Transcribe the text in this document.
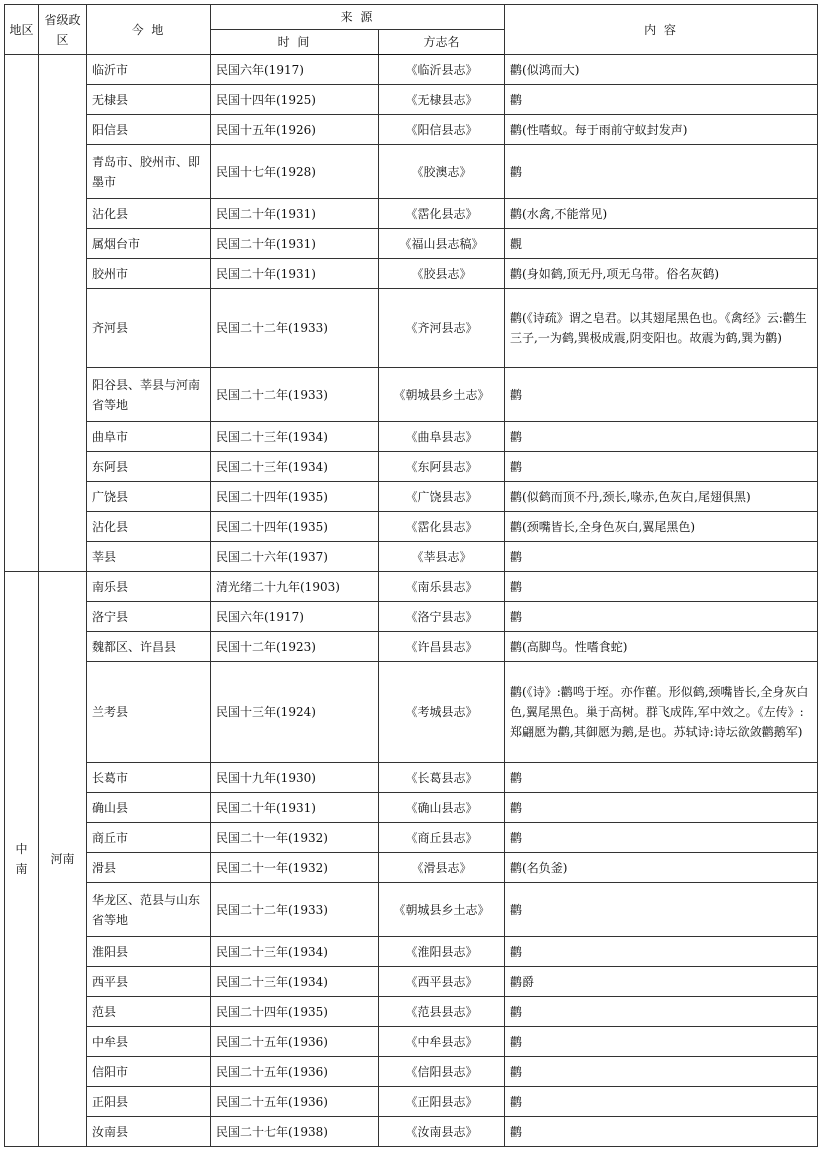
地区	省级政区	今 地	来 源		内 容
			时 间	方志名	
		临沂市	民国六年(1917)	《临沂县志》	鹳(似鸿而大)
		无棣县	民国十四年(1925)	《无棣县志》	鹳
		阳信县	民国十五年(1926)	《阳信县志》	鹳(性嗜蚁。每于雨前守蚁封发声)
		青岛市、胶州市、即墨市	民国十七年(1928)	《胶澳志》	鹳
		沾化县	民国二十年(1931)	《霑化县志》	鹳(水禽,不能常见)
		属烟台市	民国二十年(1931)	《福山县志稿》	觀
		胶州市	民国二十年(1931)	《胶县志》	鹳(身如鹤,顶无丹,项无乌带。俗名灰鹤)
		齐河县	民国二十二年(1933)	《齐河县志》	鹳(《诗疏》谓之皂君。以其翅尾黑色也。《禽经》云:鹳生三子,一为鹤,巽极成震,阴变阳也。故震为鹤,巽为鹳)
		阳谷县、莘县与河南省等地	民国二十二年(1933)	《朝城县乡土志》	鹳
		曲阜市	民国二十三年(1934)	《曲阜县志》	鹳
		东阿县	民国二十三年(1934)	《东阿县志》	鹳
		广饶县	民国二十四年(1935)	《广饶县志》	鹳(似鹤而顶不丹,颈长,喙赤,色灰白,尾翅俱黑)
		沾化县	民国二十四年(1935)	《霑化县志》	鹳(颈嘴皆长,全身色灰白,翼尾黑色)
		莘县	民国二十六年(1937)	《莘县志》	鹳
中南	河南	南乐县	清光绪二十九年(1903)	《南乐县志》	鹳
		洛宁县	民国六年(1917)	《洛宁县志》	鹳
		魏都区、许昌县	民国十二年(1923)	《许昌县志》	鹳(高脚鸟。性嗜食蛇)
		兰考县	民国十三年(1924)	《考城县志》	鹳(《诗》:鹳鸣于垤。亦作雚。形似鹤,颈嘴皆长,全身灰白色,翼尾黑色。巢于高树。群飞成阵,军中效之。《左传》:郑翩愿为鹳,其御愿为鹅,是也。苏轼诗:诗坛欲敛鹳鹅军)
		长葛市	民国十九年(1930)	《长葛县志》	鹳
		确山县	民国二十年(1931)	《确山县志》	鹳
		商丘市	民国二十一年(1932)	《商丘县志》	鹳
		滑县	民国二十一年(1932)	《滑县志》	鹳(名负釜)
		华龙区、范县与山东省等地	民国二十二年(1933)	《朝城县乡土志》	鹳
		淮阳县	民国二十三年(1934)	《淮阳县志》	鹳
		西平县	民国二十三年(1934)	《西平县志》	鹳爵
		范县	民国二十四年(1935)	《范县县志》	鹳
		中牟县	民国二十五年(1936)	《中牟县志》	鹳
		信阳市	民国二十五年(1936)	《信阳县志》	鹳
		正阳县	民国二十五年(1936)	《正阳县志》	鹳
		汝南县	民国二十七年(1938)	《汝南县志》	鹳
